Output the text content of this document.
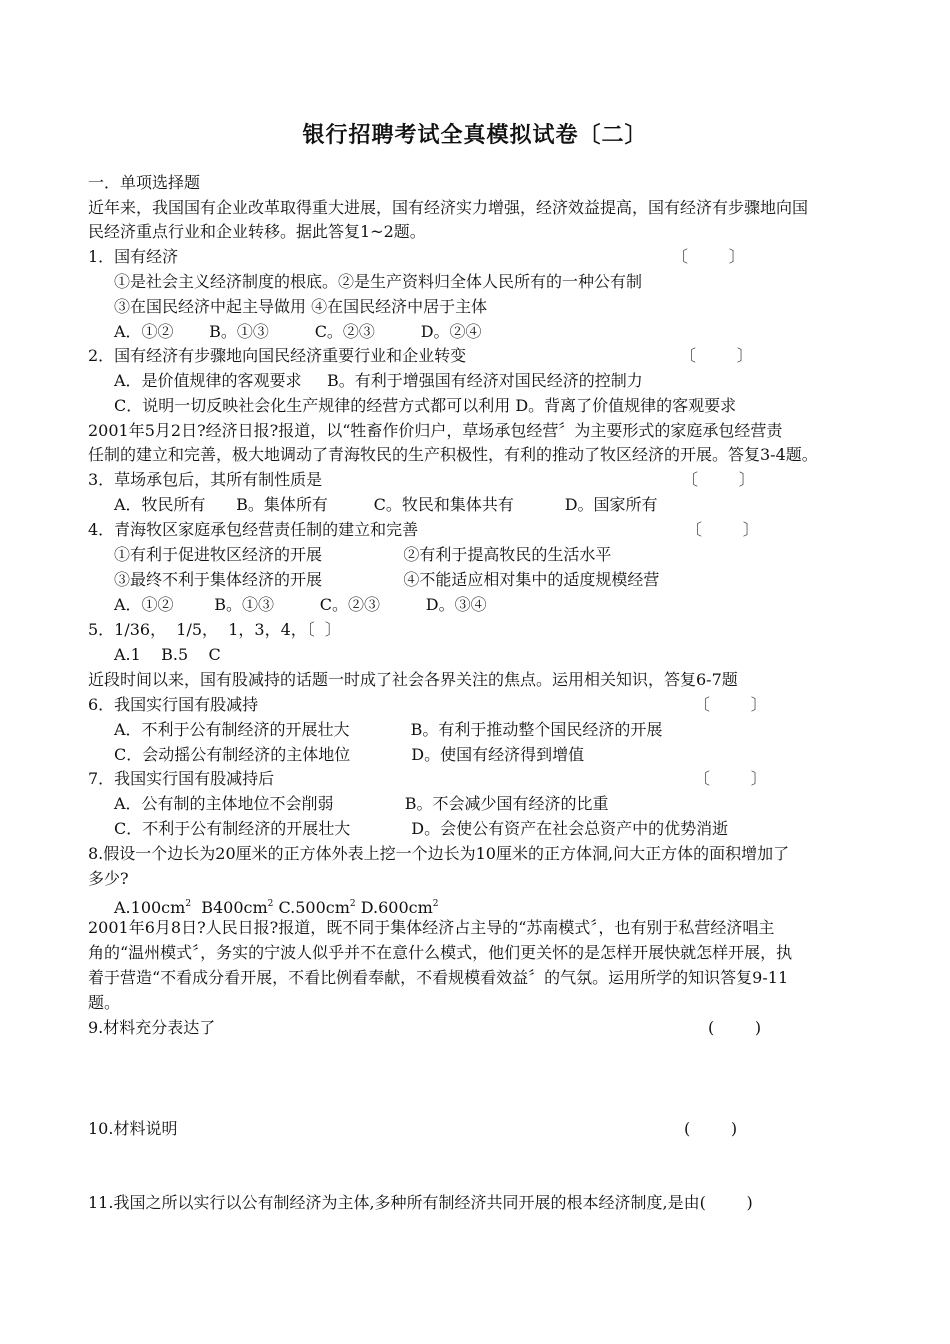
银行招聘考试全真模拟试卷〔二〕
一．单项选择题
近年来，我国国有企业改革取得重大进展，国有经济实力增强，经济效益提高，国有经济有步骤地向国
民经济重点行业和企业转移。据此答复1~2题。
1．国有经济	〔        〕
①是社会主义经济制度的根底。②是生产资料归全体人民所有的一种公有制
③在国民经济中起主导做用 ④在国民经济中居于主体
A．①②       B。①③         C。②③         D。②④
2．国有经济有步骤地向国民经济重要行业和企业转变	〔        〕
A．是价值规律的客观要求     B。有利于增强国有经济对国民经济的控制力
C．说明一切反映社会化生产规律的经营方式都可以利用 D。背离了价值规律的客观要求
2001年5月2日?经济日报?报道，以“牲畜作价归户，草场承包经营〞为主要形式的家庭承包经营责
任制的建立和完善，极大地调动了青海牧民的生产积极性，有利的推动了牧区经济的开展。答复3-4题。
3．草场承包后，其所有制性质是	〔        〕
A．牧民所有      B。集体所有         C。牧民和集体共有          D。国家所有
4．青海牧区家庭承包经营责任制的建立和完善	〔        〕
①有利于促进牧区经济的开展                ②有利于提高牧民的生活水平
③最终不利于集体经济的开展                ④不能适应相对集中的适度规模经营
A．①②        B。①③         C。②③         D。③④
5．1/36，  1/5，  1，3，4，〔  〕
A.1    B.5    C
近段时间以来，国有股减持的话题一时成了社会各界关注的焦点。运用相关知识，答复6-7题
6．我国实行国有股减持	〔        〕
A．不利于公有制经济的开展壮大            B。有利于推动整个国民经济的开展
C．会动摇公有制经济的主体地位            D。使国有经济得到增值
7．我国实行国有股减持后	〔        〕
A．公有制的主体地位不会削弱              B。不会减少国有经济的比重
C．不利于公有制经济的开展壮大            D。会使公有资产在社会总资产中的优势消逝
8.假设一个边长为20厘米的正方体外表上挖一个边长为10厘米的正方体洞,问大正方体的面积增加了
多少?
$A.100cm^2$ $B400cm^2$ $C.500cm^2$ $D.600cm^2$
2001年6月8日?人民日报?报道，既不同于集体经济占主导的“苏南模式〞，也有别于私营经济唱主
角的“温州模式〞，务实的宁波人似乎并不在意什么模式，他们更关怀的是怎样开展快就怎样开展，执
着于营造“不看成分看开展，不看比例看奉献，不看规模看效益〞的气氛。运用所学的知识答复9-11
题。
9.材料充分表达了	(        )
10.材料说明	(        )
11.我国之所以实行以公有制经济为主体,多种所有制经济共同开展的根本经济制度,是由(        )
